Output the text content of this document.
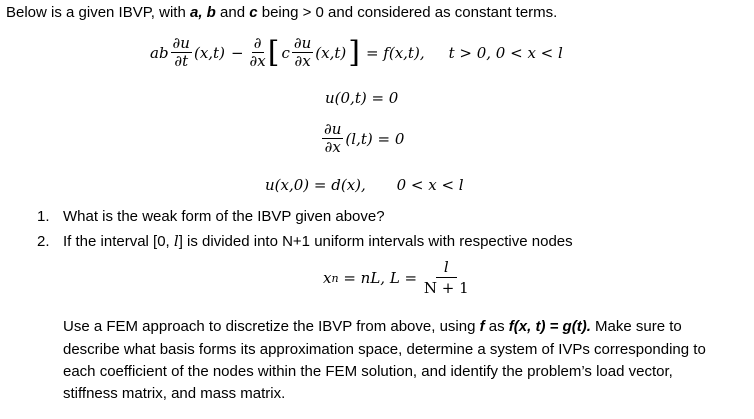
Below is a given IBVP, with a, b and c being > 0 and considered as constant terms.
ab $\frac{\partial u}{\partial t} (x,t) - \frac{\partial}{\partial x}$ [ c $\frac{\partial u}{\partial x} (x,t)$ ] = f(x,t), t > 0, 0 < x < l
u(0,t) = 0
$\frac{\partial u}{\partial x} (l,t) = 0$
u(x,0) = d(x), 0 < x < l
1. What is the weak form of the IBVP given above?
2. If the interval [0, l] is divided into N+1 uniform intervals with respective nodes
x n = nL, $L = \frac{l}{N + 1}$
Use a FEM approach to discretize the IBVP from above, using f as f(x, t) = g(t). Make sure to
describe what basis forms its approximation space, determine a system of IVPs corresponding to
each coefficient of the nodes within the FEM solution, and identify the problem’s load vector,
stiffness matrix, and mass matrix.
